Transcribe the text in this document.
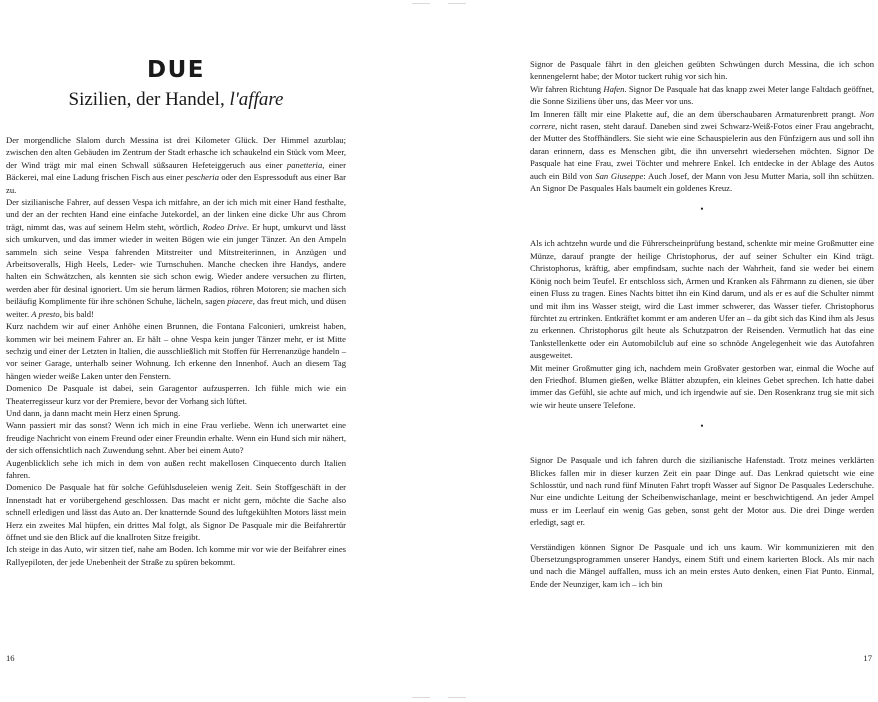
DUE
Sizilien, der Handel, l'affare

Der morgendliche Slalom durch Messina ist drei Kilometer Glück. Der Himmel azurblau; zwischen den alten Gebäuden im Zentrum der Stadt erhasche ich schaukelnd ein Stück vom Meer, der Wind trägt mir mal einen Schwall süßsauren Hefeteiggeruch aus einer panetteria, einer Bäckerei, mal eine Ladung frischen Fisch aus einer pescheria oder den Espressoduft aus einer Bar zu.

Der sizilianische Fahrer, auf dessen Vespa ich mitfahre, an der ich mich mit einer Hand festhalte, und der an der rechten Hand eine einfache Jutekordel, an der linken eine dicke Uhr aus Chrom trägt, nimmt das, was auf seinem Helm steht, wörtlich, Rodeo Drive. Er hupt, umkurvt und lässt sich umkurven, und das immer wieder in weiten Bögen wie ein junger Tänzer. An den Ampeln sammeln sich seine Vespa fahrenden Mitstreiter und Mitstreiterinnen, in Anzügen und Arbeitsoveralls, High Heels, Leder- wie Turnschuhen. Manche checken ihre Handys, andere halten ein Schwätzchen, als kennten sie sich schon ewig. Wieder andere versuchen zu flirten, werden aber für desinal ignoriert. Um sie herum lärmen Radios, röhren Motoren; sie machen sich beiläufig Komplimente für ihre schönen Schuhe, lächeln, sagen piacere, das freut mich, und düsen weiter. A presto, bis bald!

Kurz nachdem wir auf einer Anhöhe einen Brunnen, die Fontana Falconieri, umkreist haben, kommen wir bei meinem Fahrer an. Er hält – ohne Vespa kein junger Tänzer mehr, er ist Mitte sechzig und einer der Letzten in Italien, die ausschließlich mit Stoffen für Herrenanzüge handeln – vor seiner Garage, unterhalb seiner Wohnung. Ich erkenne den Innenhof. Auch an diesem Tag hängen wieder weiße Laken unter den Fenstern.

Domenico De Pasquale ist dabei, sein Garagentor aufzusperren. Ich fühle mich wie ein Theaterregisseur kurz vor der Premiere, bevor der Vorhang sich lüftet.

Und dann, ja dann macht mein Herz einen Sprung.

Wann passiert mir das sonst? Wenn ich mich in eine Frau verliebe. Wenn ich unerwartet eine freudige Nachricht von einem Freund oder einer Freundin erhalte. Wenn ein Hund sich mir nähert, der sich offensichtlich nach Zuwendung sehnt. Aber bei einem Auto?

Augenblicklich sehe ich mich in dem von außen recht makellosen Cinquecento durch Italien fahren.

Domenico De Pasquale hat für solche Gefühlsduseleien wenig Zeit. Sein Stoffgeschäft in der Innenstadt hat er vorübergehend geschlossen. Das macht er nicht gern, möchte die Sache also schnell erledigen und lässt das Auto an. Der knatternde Sound des luftgekühlten Motors lässt mein Herz ein zweites Mal hüpfen, ein drittes Mal folgt, als Signor De Pasquale mir die Beifahrertür öffnet und sie den Blick auf die knallroten Sitze freigibt.

Ich steige in das Auto, wir sitzen tief, nahe am Boden. Ich komme mir vor wie der Beifahrer eines Rallyepiloten, der jede Unebenheit der Straße zu spüren bekommt.

16

Signor de Pasquale fährt in den gleichen geübten Schwüngen durch Messina, die ich schon kennengelernt habe; der Motor tuckert ruhig vor sich hin.

Wir fahren Richtung Hafen. Signor De Pasquale hat das knapp zwei Meter lange Faltdach geöffnet, die Sonne Siziliens über uns, das Meer vor uns.

Im Inneren fällt mir eine Plakette auf, die an dem überschaubaren Armaturenbrett prangt. Non correre, nicht rasen, steht darauf. Daneben sind zwei Schwarz-Weiß-Fotos einer Frau angebracht, der Mutter des Stoffhändlers. Sie sieht wie eine Schauspielerin aus den Fünfzigern aus und soll ihn daran erinnern, dass es Menschen gibt, die ihn unversehrt wiedersehen möchten. Signor De Pasquale hat eine Frau, zwei Töchter und mehrere Enkel. Ich entdecke in der Ablage des Autos auch ein Bild von San Giuseppe: Auch Josef, der Mann von Jesu Mutter Maria, soll ihn schützen. An Signor De Pasquales Hals baumelt ein goldenes Kreuz.

•

Als ich achtzehn wurde und die Führerscheinprüfung bestand, schenkte mir meine Großmutter eine Münze, darauf prangte der heilige Christophorus, der auf seiner Schulter ein Kind trägt. Christophorus, kräftig, aber empfindsam, suchte nach der Wahrheit, fand sie weder bei einem König noch beim Teufel. Er entschloss sich, Armen und Kranken als Fährmann zu dienen, sie über einen Fluss zu tragen. Eines Nachts bittet ihn ein Kind darum, und als er es auf die Schulter nimmt und mit ihm ins Wasser steigt, wird die Last immer schwerer, das Wasser tiefer. Christophorus fürchtet zu ertrinken. Entkräftet kommt er am anderen Ufer an – da gibt sich das Kind ihm als Jesus zu erkennen. Christophorus gilt heute als Schutzpatron der Reisenden. Vermutlich hat das eine Tankstellenkette oder ein Automobilclub auf eine so schnöde Angelegenheit wie das Autofahren ausgeweitet.

Mit meiner Großmutter ging ich, nachdem mein Großvater gestorben war, einmal die Woche auf den Friedhof. Blumen gießen, welke Blätter abzupfen, ein kleines Gebet sprechen. Ich hatte dabei immer das Gefühl, sie achte auf mich, und ich irgendwie auf sie. Den Rosenkranz trug sie mit sich wie wir heute unsere Telefone.

•

Signor De Pasquale und ich fahren durch die sizilianische Hafenstadt. Trotz meines verklärten Blickes fallen mir in dieser kurzen Zeit ein paar Dinge auf. Das Lenkrad quietscht wie eine Schlosstür, und nach rund fünf Minuten Fahrt tropft Wasser auf Signor De Pasquales Lederschuhe. Nur eine undichte Leitung der Scheibenwischanlage, meint er beschwichtigend. An jeder Ampel muss er im Leerlauf ein wenig Gas geben, sonst geht der Motor aus. Die drei Dinge werden erledigt, sagt er.

Verständigen können Signor De Pasquale und ich uns kaum. Wir kommunizieren mit den Übersetzungsprogrammen unserer Handys, einem Stift und einem karierten Block. Als mir nach und nach die Mängel auffallen, muss ich an mein erstes Auto denken, einen Fiat Punto. Einmal, Ende der Neunziger, kam ich – ich bin

17
